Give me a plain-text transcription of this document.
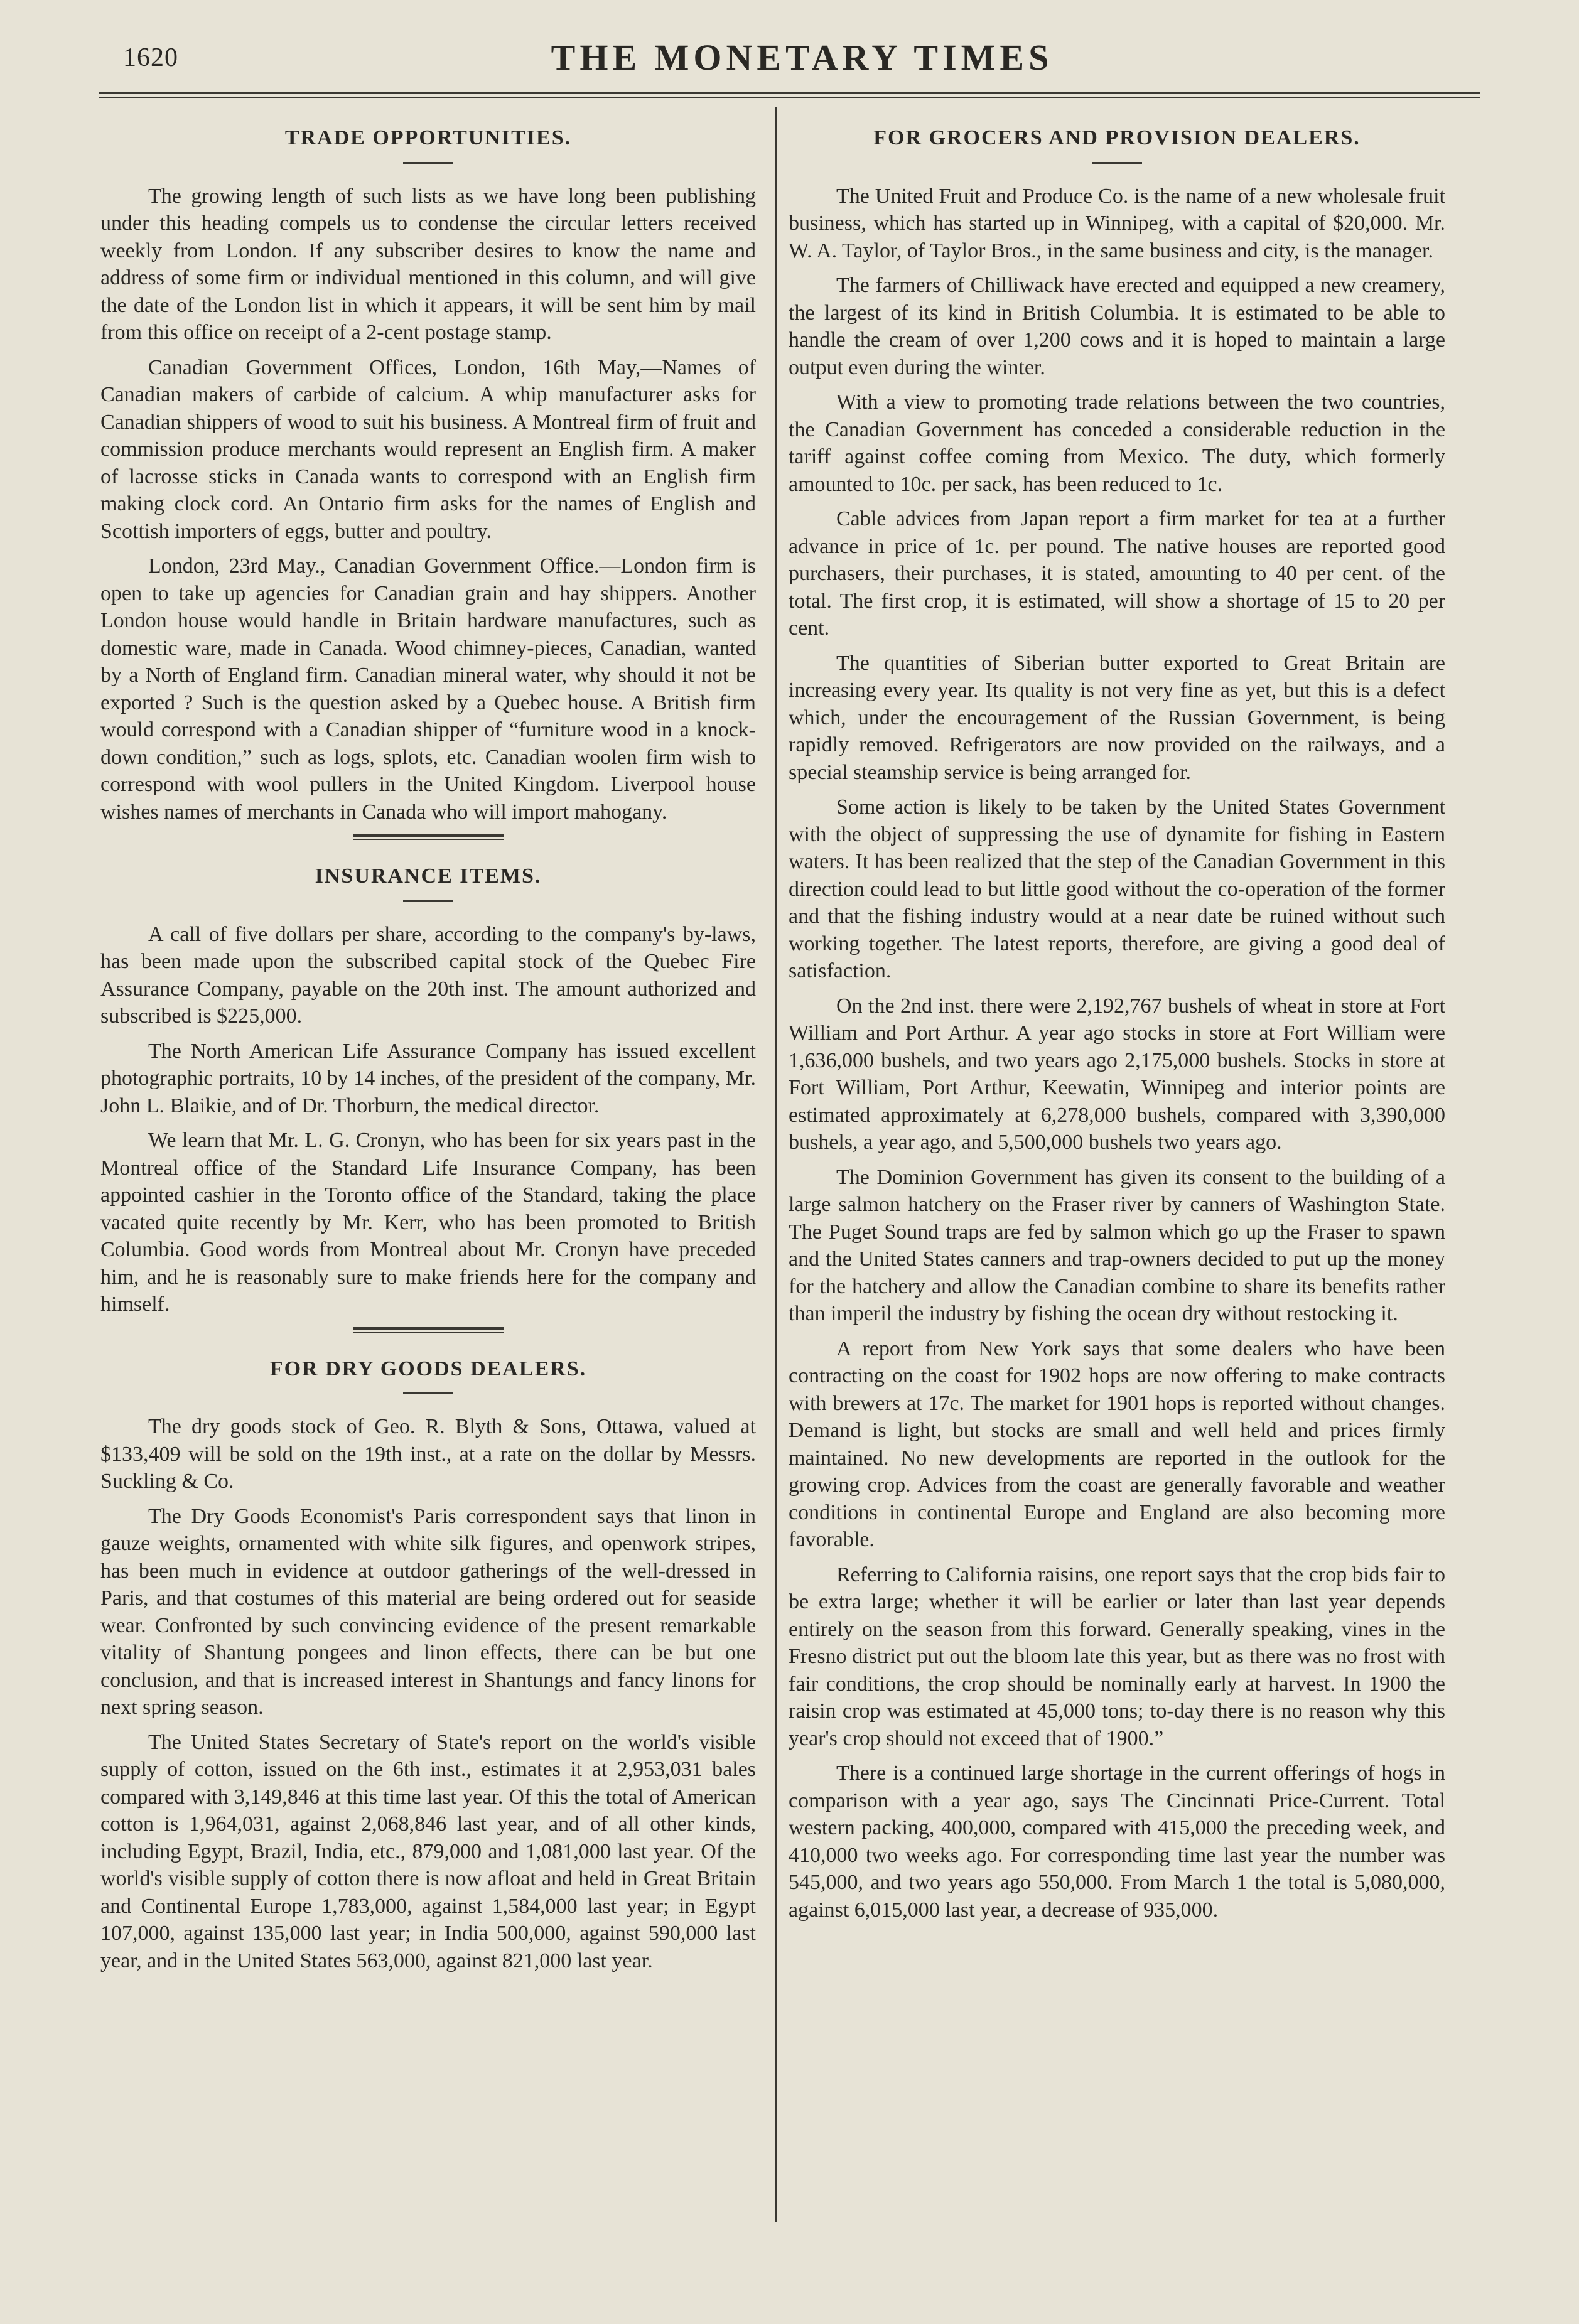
1620	THE MONETARY TIMES
TRADE OPPORTUNITIES.

The growing length of such lists as we have long been publishing under this heading compels us to condense the circular letters received weekly from London. If any subscriber desires to know the name and address of some firm or individual mentioned in this column, and will give the date of the London list in which it appears, it will be sent him by mail from this office on receipt of a 2-cent postage stamp.

Canadian Government Offices, London, 16th May,—Names of Canadian makers of carbide of calcium. A whip manufacturer asks for Canadian shippers of wood to suit his business. A Montreal firm of fruit and commission produce merchants would represent an English firm. A maker of lacrosse sticks in Canada wants to correspond with an English firm making clock cord. An Ontario firm asks for the names of English and Scottish importers of eggs, butter and poultry.

London, 23rd May., Canadian Government Office.—London firm is open to take up agencies for Canadian grain and hay shippers. Another London house would handle in Britain hardware manufactures, such as domestic ware, made in Canada. Wood chimney-pieces, Canadian, wanted by a North of England firm. Canadian mineral water, why should it not be exported ? Such is the question asked by a Quebec house. A British firm would correspond with a Canadian shipper of “furniture wood in a knock-down condition,” such as logs, splots, etc. Canadian woolen firm wish to correspond with wool pullers in the United Kingdom. Liverpool house wishes names of merchants in Canada who will import mahogany.

INSURANCE ITEMS.

A call of five dollars per share, according to the company's by-laws, has been made upon the subscribed capital stock of the Quebec Fire Assurance Company, payable on the 20th inst. The amount authorized and subscribed is $225,000.

The North American Life Assurance Company has issued excellent photographic portraits, 10 by 14 inches, of the president of the company, Mr. John L. Blaikie, and of Dr. Thorburn, the medical director.

We learn that Mr. L. G. Cronyn, who has been for six years past in the Montreal office of the Standard Life Insurance Company, has been appointed cashier in the Toronto office of the Standard, taking the place vacated quite recently by Mr. Kerr, who has been promoted to British Columbia. Good words from Montreal about Mr. Cronyn have preceded him, and he is reasonably sure to make friends here for the company and himself.

FOR DRY GOODS DEALERS.

The dry goods stock of Geo. R. Blyth & Sons, Ottawa, valued at $133,409 will be sold on the 19th inst., at a rate on the dollar by Messrs. Suckling & Co.

The Dry Goods Economist's Paris correspondent says that linon in gauze weights, ornamented with white silk figures, and openwork stripes, has been much in evidence at outdoor gatherings of the well-dressed in Paris, and that costumes of this material are being ordered out for seaside wear. Confronted by such convincing evidence of the present remarkable vitality of Shantung pongees and linon effects, there can be but one conclusion, and that is increased interest in Shantungs and fancy linons for next spring season.

The United States Secretary of State's report on the world's visible supply of cotton, issued on the 6th inst., estimates it at 2,953,031 bales compared with 3,149,846 at this time last year. Of this the total of American cotton is 1,964,031, against 2,068,846 last year, and of all other kinds, including Egypt, Brazil, India, etc., 879,000 and 1,081,000 last year. Of the world's visible supply of cotton there is now afloat and held in Great Britain and Continental Europe 1,783,000, against 1,584,000 last year; in Egypt 107,000, against 135,000 last year; in India 500,000, against 590,000 last year, and in the United States 563,000, against 821,000 last year.

FOR GROCERS AND PROVISION DEALERS.

The United Fruit and Produce Co. is the name of a new wholesale fruit business, which has started up in Winnipeg, with a capital of $20,000. Mr. W. A. Taylor, of Taylor Bros., in the same business and city, is the manager.

The farmers of Chilliwack have erected and equipped a new creamery, the largest of its kind in British Columbia. It is estimated to be able to handle the cream of over 1,200 cows and it is hoped to maintain a large output even during the winter.

With a view to promoting trade relations between the two countries, the Canadian Government has conceded a considerable reduction in the tariff against coffee coming from Mexico. The duty, which formerly amounted to 10c. per sack, has been reduced to 1c.

Cable advices from Japan report a firm market for tea at a further advance in price of 1c. per pound. The native houses are reported good purchasers, their purchases, it is stated, amounting to 40 per cent. of the total. The first crop, it is estimated, will show a shortage of 15 to 20 per cent.

The quantities of Siberian butter exported to Great Britain are increasing every year. Its quality is not very fine as yet, but this is a defect which, under the encouragement of the Russian Government, is being rapidly removed. Refrigerators are now provided on the railways, and a special steamship service is being arranged for.

Some action is likely to be taken by the United States Government with the object of suppressing the use of dynamite for fishing in Eastern waters. It has been realized that the step of the Canadian Government in this direction could lead to but little good without the co-operation of the former and that the fishing industry would at a near date be ruined without such working together. The latest reports, therefore, are giving a good deal of satisfaction.

On the 2nd inst. there were 2,192,767 bushels of wheat in store at Fort William and Port Arthur. A year ago stocks in store at Fort William were 1,636,000 bushels, and two years ago 2,175,000 bushels. Stocks in store at Fort William, Port Arthur, Keewatin, Winnipeg and interior points are estimated approximately at 6,278,000 bushels, compared with 3,390,000 bushels, a year ago, and 5,500,000 bushels two years ago.

The Dominion Government has given its consent to the building of a large salmon hatchery on the Fraser river by canners of Washington State. The Puget Sound traps are fed by salmon which go up the Fraser to spawn and the United States canners and trap-owners decided to put up the money for the hatchery and allow the Canadian combine to share its benefits rather than imperil the industry by fishing the ocean dry without restocking it.

A report from New York says that some dealers who have been contracting on the coast for 1902 hops are now offering to make contracts with brewers at 17c. The market for 1901 hops is reported without changes. Demand is light, but stocks are small and well held and prices firmly maintained. No new developments are reported in the outlook for the growing crop. Advices from the coast are generally favorable and weather conditions in continental Europe and England are also becoming more favorable.

Referring to California raisins, one report says that the crop bids fair to be extra large; whether it will be earlier or later than last year depends entirely on the season from this forward. Generally speaking, vines in the Fresno district put out the bloom late this year, but as there was no frost with fair conditions, the crop should be nominally early at harvest. In 1900 the raisin crop was estimated at 45,000 tons; to-day there is no reason why this year's crop should not exceed that of 1900.”

There is a continued large shortage in the current offerings of hogs in comparison with a year ago, says The Cincinnati Price-Current. Total western packing, 400,000, compared with 415,000 the preceding week, and 410,000 two weeks ago. For corresponding time last year the number was 545,000, and two years ago 550,000. From March 1 the total is 5,080,000, against 6,015,000 last year, a decrease of 935,000.
